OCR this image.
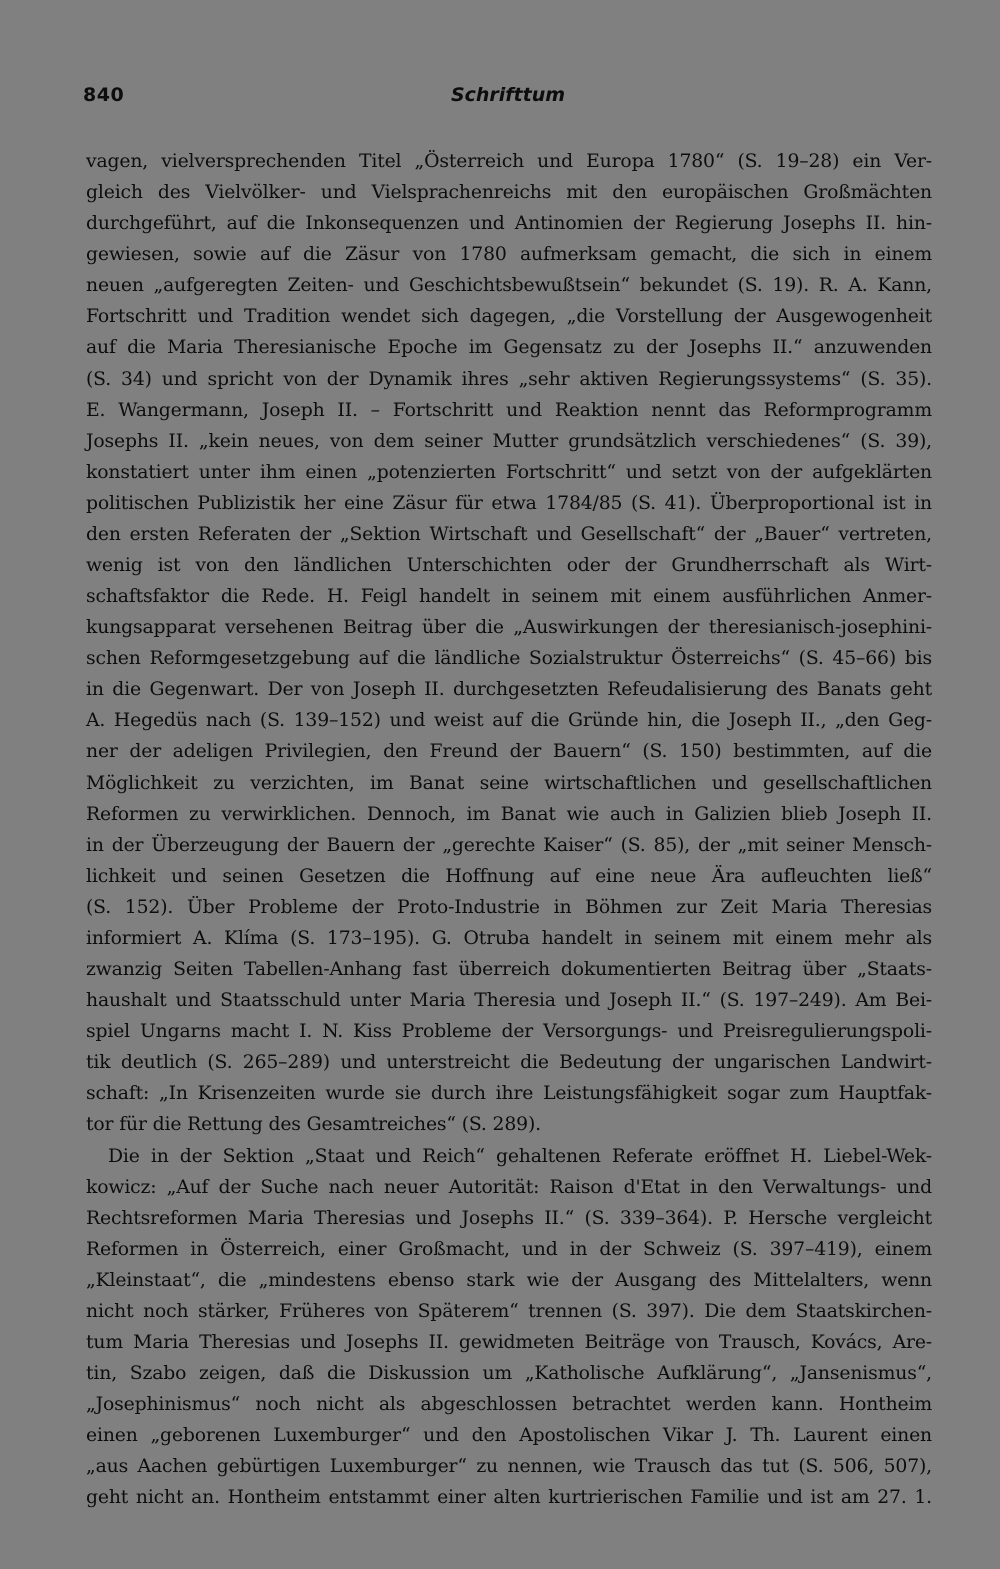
840	Schrifttum
vagen, vielversprechenden Titel „Österreich und Europa 1780“ (S. 19–28) ein Ver-
gleich des Vielvölker- und Vielsprachenreichs mit den europäischen Großmächten
durchgeführt, auf die Inkonsequenzen und Antinomien der Regierung Josephs II. hin-
gewiesen, sowie auf die Zäsur von 1780 aufmerksam gemacht, die sich in einem
neuen „aufgeregten Zeiten- und Geschichtsbewußtsein“ bekundet (S. 19). R. A. Kann,
Fortschritt und Tradition wendet sich dagegen, „die Vorstellung der Ausgewogenheit
auf die Maria Theresianische Epoche im Gegensatz zu der Josephs II.“ anzuwenden
(S. 34) und spricht von der Dynamik ihres „sehr aktiven Regierungssystems“ (S. 35).
E. Wangermann, Joseph II. – Fortschritt und Reaktion nennt das Reformprogramm
Josephs II. „kein neues, von dem seiner Mutter grundsätzlich verschiedenes“ (S. 39),
konstatiert unter ihm einen „potenzierten Fortschritt“ und setzt von der aufgeklärten
politischen Publizistik her eine Zäsur für etwa 1784/85 (S. 41). Überproportional ist in
den ersten Referaten der „Sektion Wirtschaft und Gesellschaft“ der „Bauer“ vertreten,
wenig ist von den ländlichen Unterschichten oder der Grundherrschaft als Wirt-
schaftsfaktor die Rede. H. Feigl handelt in seinem mit einem ausführlichen Anmer-
kungsapparat versehenen Beitrag über die „Auswirkungen der theresianisch-josephini-
schen Reformgesetzgebung auf die ländliche Sozialstruktur Österreichs“ (S. 45–66) bis
in die Gegenwart. Der von Joseph II. durchgesetzten Refeudalisierung des Banats geht
A. Hegedüs nach (S. 139–152) und weist auf die Gründe hin, die Joseph II., „den Geg-
ner der adeligen Privilegien, den Freund der Bauern“ (S. 150) bestimmten, auf die
Möglichkeit zu verzichten, im Banat seine wirtschaftlichen und gesellschaftlichen
Reformen zu verwirklichen. Dennoch, im Banat wie auch in Galizien blieb Joseph II.
in der Überzeugung der Bauern der „gerechte Kaiser“ (S. 85), der „mit seiner Mensch-
lichkeit und seinen Gesetzen die Hoffnung auf eine neue Ära aufleuchten ließ“
(S. 152). Über Probleme der Proto-Industrie in Böhmen zur Zeit Maria Theresias
informiert A. Klíma (S. 173–195). G. Otruba handelt in seinem mit einem mehr als
zwanzig Seiten Tabellen-Anhang fast überreich dokumentierten Beitrag über „Staats-
haushalt und Staatsschuld unter Maria Theresia und Joseph II.“ (S. 197–249). Am Bei-
spiel Ungarns macht I. N. Kiss Probleme der Versorgungs- und Preisregulierungspoli-
tik deutlich (S. 265–289) und unterstreicht die Bedeutung der ungarischen Landwirt-
schaft: „In Krisenzeiten wurde sie durch ihre Leistungsfähigkeit sogar zum Hauptfak-
tor für die Rettung des Gesamtreiches“ (S. 289).
Die in der Sektion „Staat und Reich“ gehaltenen Referate eröffnet H. Liebel-Wek-
kowicz: „Auf der Suche nach neuer Autorität: Raison d'Etat in den Verwaltungs- und
Rechtsreformen Maria Theresias und Josephs II.“ (S. 339–364). P. Hersche vergleicht
Reformen in Österreich, einer Großmacht, und in der Schweiz (S. 397–419), einem
„Kleinstaat“, die „mindestens ebenso stark wie der Ausgang des Mittelalters, wenn
nicht noch stärker, Früheres von Späterem“ trennen (S. 397). Die dem Staatskirchen-
tum Maria Theresias und Josephs II. gewidmeten Beiträge von Trausch, Kovács, Are-
tin, Szabo zeigen, daß die Diskussion um „Katholische Aufklärung“, „Jansenismus“,
„Josephinismus“ noch nicht als abgeschlossen betrachtet werden kann. Hontheim
einen „geborenen Luxemburger“ und den Apostolischen Vikar J. Th. Laurent einen
„aus Aachen gebürtigen Luxemburger“ zu nennen, wie Trausch das tut (S. 506, 507),
geht nicht an. Hontheim entstammt einer alten kurtrierischen Familie und ist am 27. 1.
